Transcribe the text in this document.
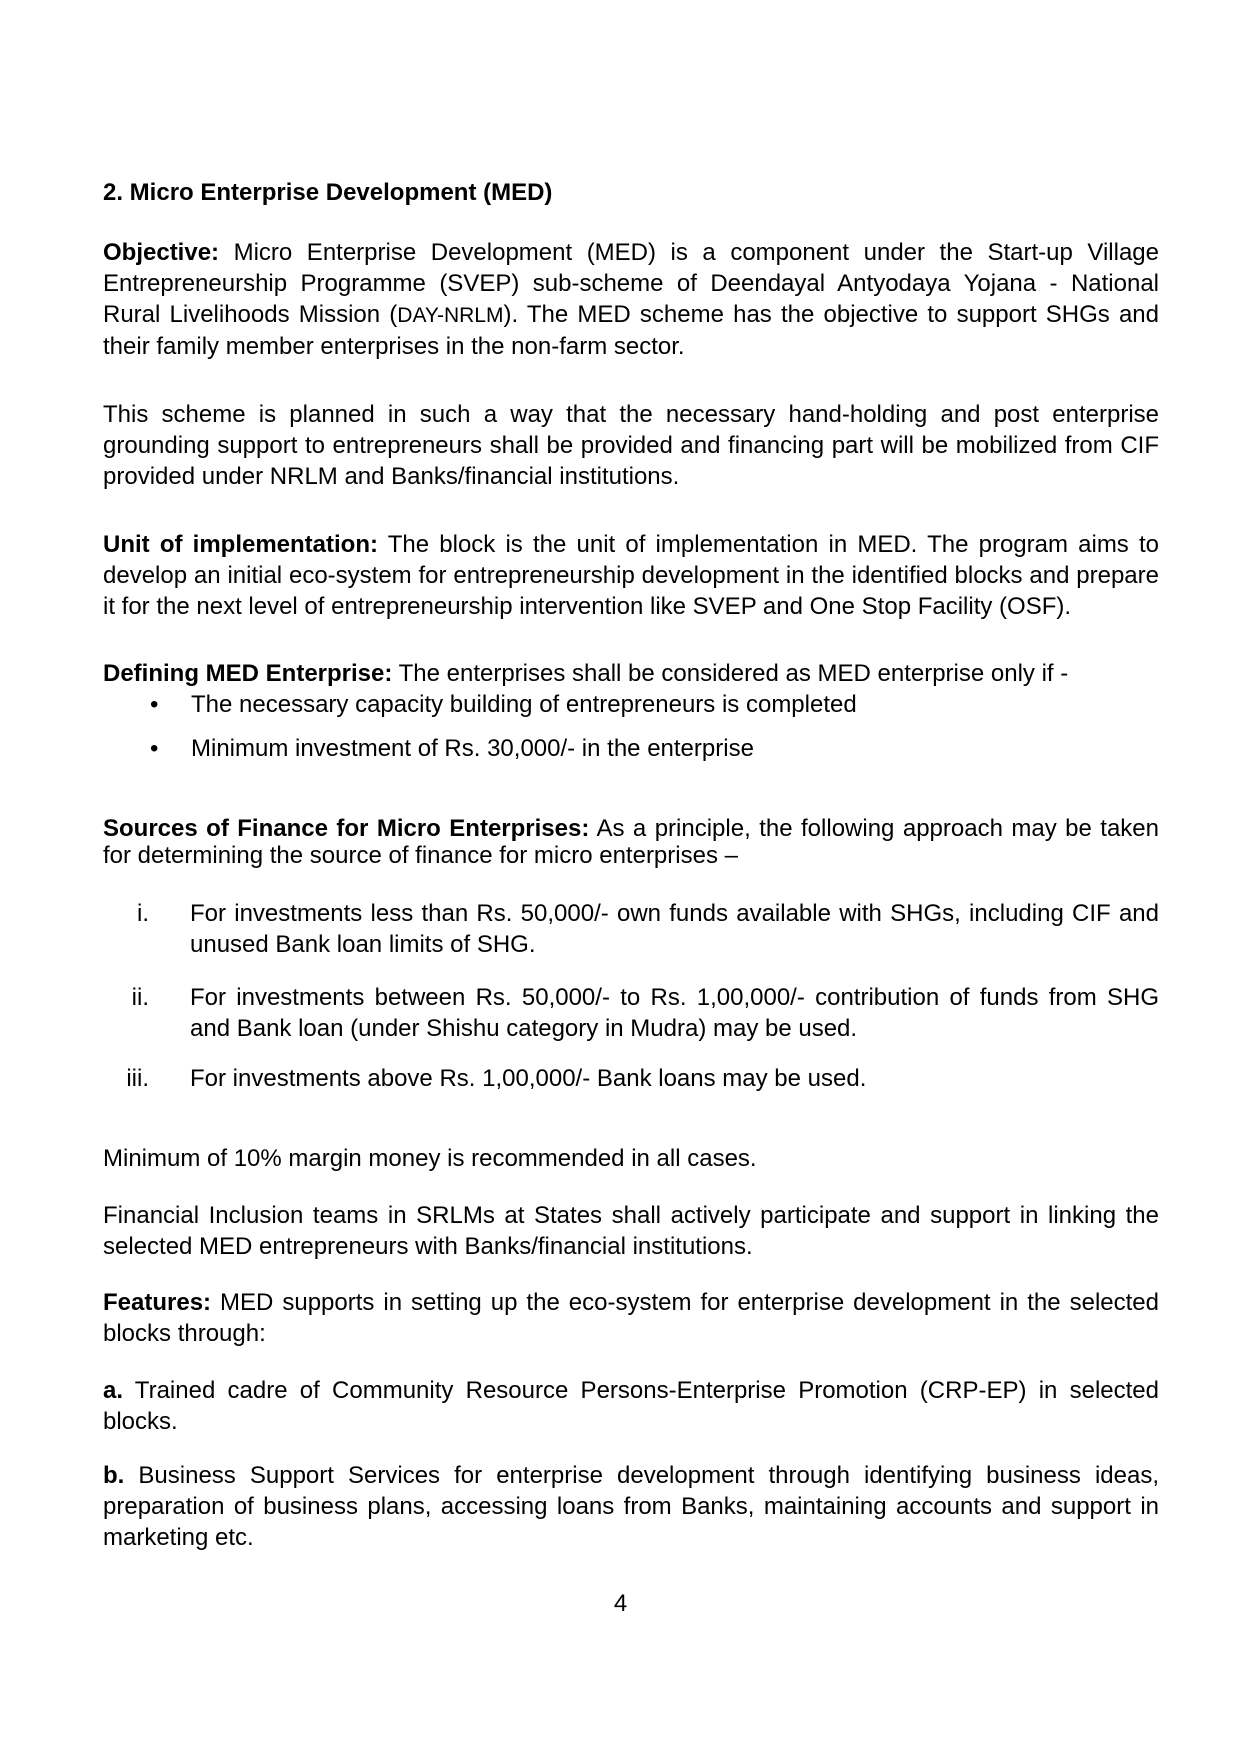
2. Micro Enterprise Development (MED)

Objective: Micro Enterprise Development (MED) is a component under the Start-up Village Entrepreneurship Programme (SVEP) sub-scheme of Deendayal Antyodaya Yojana - National Rural Livelihoods Mission (DAY-NRLM). The MED scheme has the objective to support SHGs and their family member enterprises in the non-farm sector.

This scheme is planned in such a way that the necessary hand-holding and post enterprise grounding support to entrepreneurs shall be provided and financing part will be mobilized from CIF provided under NRLM and Banks/financial institutions.

Unit of implementation: The block is the unit of implementation in MED. The program aims to develop an initial eco-system for entrepreneurship development in the identified blocks and prepare it for the next level of entrepreneurship intervention like SVEP and One Stop Facility (OSF).

Defining MED Enterprise: The enterprises shall be considered as MED enterprise only if -

• The necessary capacity building of entrepreneurs is completed
• Minimum investment of Rs. 30,000/- in the enterprise

Sources of Finance for Micro Enterprises: As a principle, the following approach may be taken for determining the source of finance for micro enterprises –

i. For investments less than Rs. 50,000/- own funds available with SHGs, including CIF and unused Bank loan limits of SHG.
ii. For investments between Rs. 50,000/- to Rs. 1,00,000/- contribution of funds from SHG and Bank loan (under Shishu category in Mudra) may be used.
iii. For investments above Rs. 1,00,000/- Bank loans may be used.

Minimum of 10% margin money is recommended in all cases.

Financial Inclusion teams in SRLMs at States shall actively participate and support in linking the selected MED entrepreneurs with Banks/financial institutions.

Features: MED supports in setting up the eco-system for enterprise development in the selected blocks through:

a. Trained cadre of Community Resource Persons-Enterprise Promotion (CRP-EP) in selected blocks.

b. Business Support Services for enterprise development through identifying business ideas, preparation of business plans, accessing loans from Banks, maintaining accounts and support in marketing etc.

4
